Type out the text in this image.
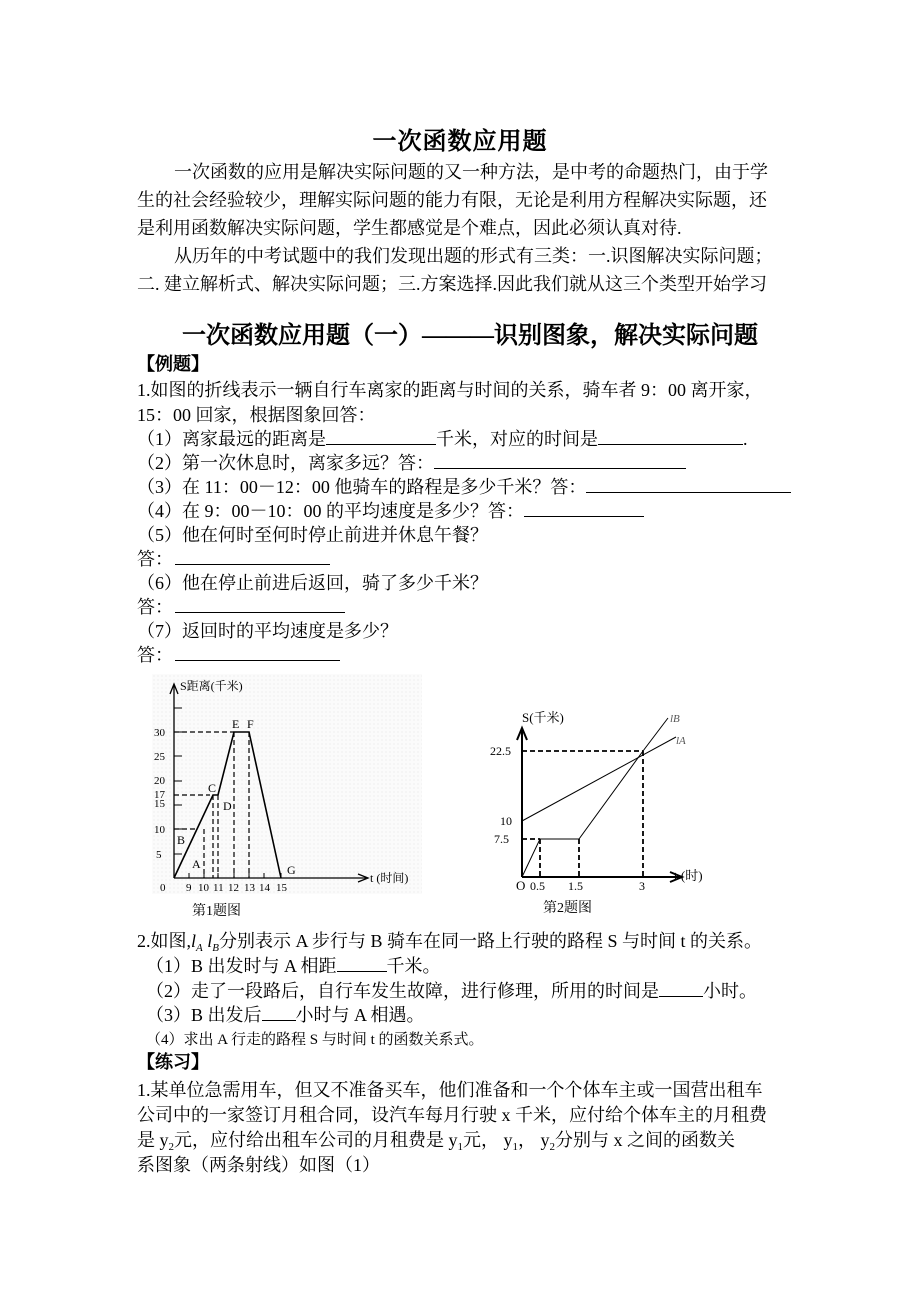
一次函数应用题
一次函数的应用是解决实际问题的又一种方法，是中考的命题热门，由于学生的社会经验较少，理解实际问题的能力有限，无论是利用方程解决实际题，还是利用函数解决实际问题，学生都感觉是个难点，因此必须认真对待.
从历年的中考试题中的我们发现出题的形式有三类：一.识图解决实际问题；二. 建立解析式、解决实际问题；三.方案选择.因此我们就从这三个类型开始学习
一次函数应用题（一）———识别图象，解决实际问题
【例题】
1.如图的折线表示一辆自行车离家的距离与时间的关系，骑车者 9：00 离开家，
15：00 回家，根据图象回答：
（1）离家最远的距离是	千米，对应的时间是	.
（2）第一次休息时，离家多远？答：
（3）在 11：00－12：00 他骑车的路程是多少千米？答：
（4）在 9：00－10：00 的平均速度是多少？答：
（5）他在何时至何时停止前进并休息午餐？
答：
（6）他在停止前进后返回，骑了多少千米？
答：
（7）返回时的平均速度是多少？
答：
5
10
15
17
20
25
30
9 10 11 12 13 14 15
0
A
B
C
D
E F
G
S距离(千米)
t (时间)
第1题图
7.5
10
22.5
0.5 1.5	3
O
S(千米)
t (时)
lB
lA
第2题图
2.如图$,l_A$ $l_B$分别表示 A 步行与 B 骑车在同一路上行驶的路程 S 与时间 t 的关系。
（1）B 出发时与 A 相距	千米。
（2）走了一段路后，自行车发生故障，进行修理，所用的时间是 小时。
（3）B 出发后 小时与 A 相遇。
（4）求出 A 行走的路程 S 与时间 t 的函数关系式。
【练习】
1.某单位急需用车，但又不准备买车，他们准备和一个个体车主或一国营出租车
公司中的一家签订月租合同，设汽车每月行驶 x 千米，应付给个体车主的月租费
是 $y_2$元，应付给出租车公司的月租费是 $y_1$元， $y_1$， $y_2$分别与 x 之间的函数关
系图象（两条射线）如图（1）
